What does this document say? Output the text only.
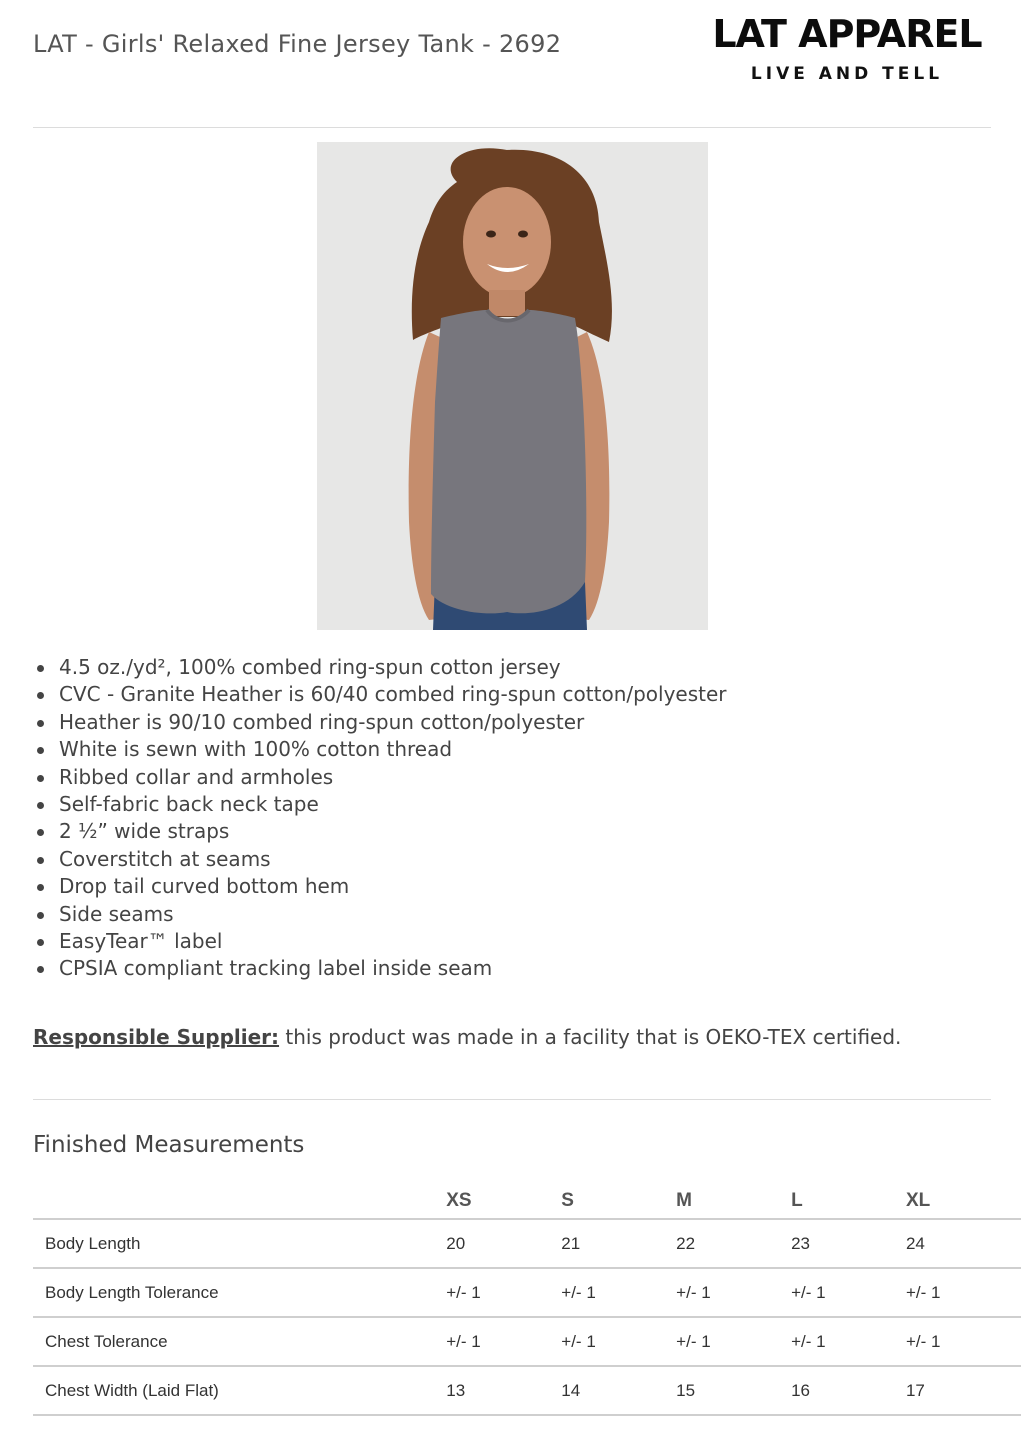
LAT - Girls' Relaxed Fine Jersey Tank - 2692	LAT APPAREL
LIVE AND TELL
4.5 oz./yd², 100% combed ring-spun cotton jersey
CVC - Granite Heather is 60/40 combed ring-spun cotton/polyester
Heather is 90/10 combed ring-spun cotton/polyester
White is sewn with 100% cotton thread
Ribbed collar and armholes
Self-fabric back neck tape
2 ½” wide straps
Coverstitch at seams
Drop tail curved bottom hem
Side seams
EasyTear™ label
CPSIA compliant tracking label inside seam
Responsible Supplier: this product was made in a facility that is OEKO-TEX certified.
Finished Measurements
	XS	S	M	L	XL
Body Length	20	21	22	23	24
Body Length Tolerance	+/- 1	+/- 1	+/- 1	+/- 1	+/- 1
Chest Tolerance	+/- 1	+/- 1	+/- 1	+/- 1	+/- 1
Chest Width (Laid Flat)	13	14	15	16	17
